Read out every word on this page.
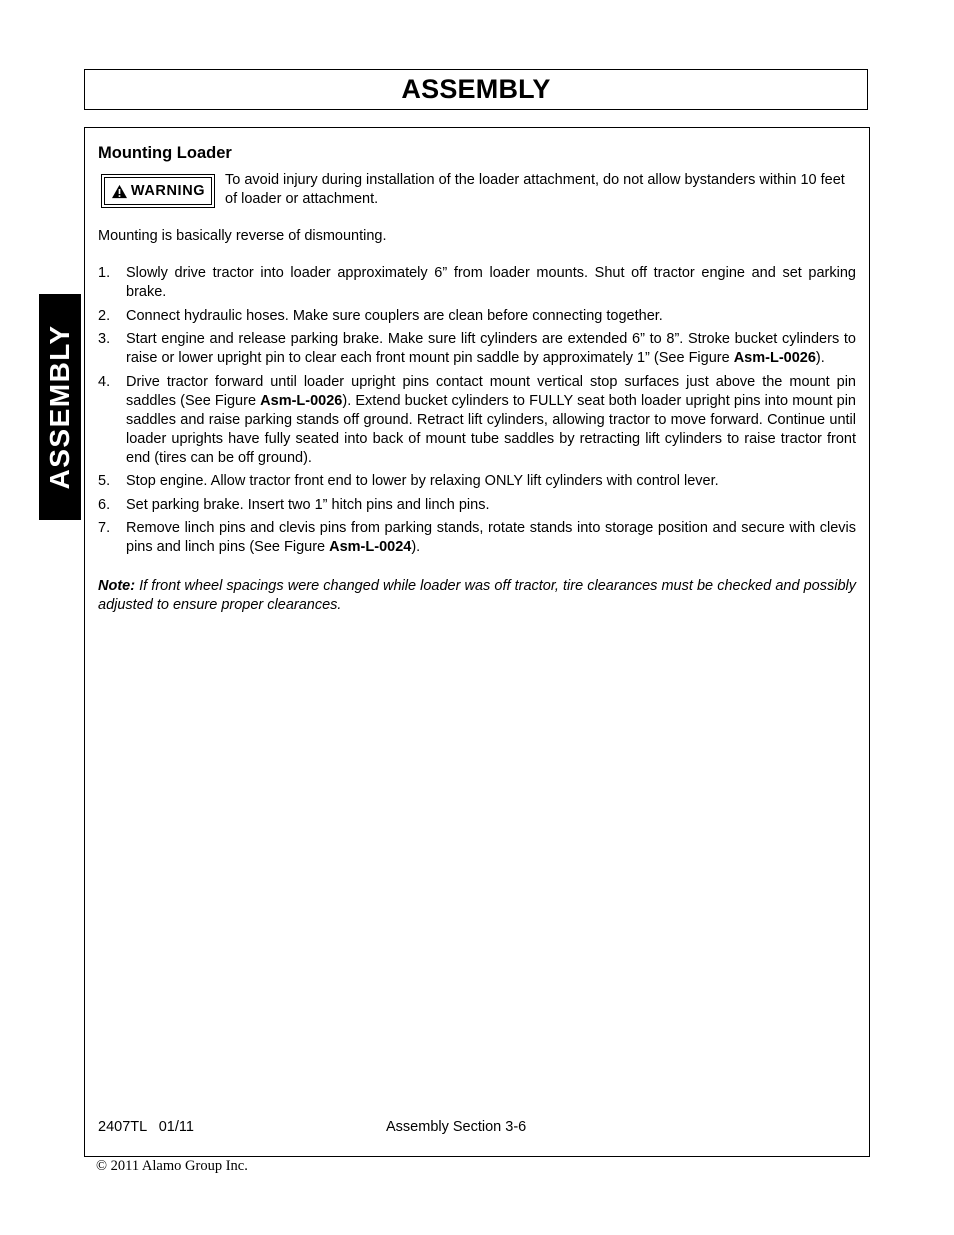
ASSEMBLY
ASSEMBLY
Mounting Loader
WARNING
To avoid injury during installation of the loader attachment, do not allow bystanders within 10 feet of loader or attachment.
Mounting is basically reverse of dismounting.
1. Slowly drive tractor into loader approximately 6” from loader mounts. Shut off tractor engine and set parking brake.
2. Connect hydraulic hoses. Make sure couplers are clean before connecting together.
3. Start engine and release parking brake. Make sure lift cylinders are extended 6” to 8”. Stroke bucket cylinders to raise or lower upright pin to clear each front mount pin saddle by approximately 1” (See Figure Asm-L-0026).
4. Drive tractor forward until loader upright pins contact mount vertical stop surfaces just above the mount pin saddles (See Figure Asm-L-0026). Extend bucket cylinders to FULLY seat both loader upright pins into mount pin saddles and raise parking stands off ground. Retract lift cylinders, allowing tractor to move forward. Continue until loader uprights have fully seated into back of mount tube saddles by retracting lift cylinders to raise tractor front end (tires can be off ground).
5. Stop engine. Allow tractor front end to lower by relaxing ONLY lift cylinders with control lever.
6. Set parking brake. Insert two 1” hitch pins and linch pins.
7. Remove linch pins and clevis pins from parking stands, rotate stands into storage position and secure with clevis pins and linch pins (See Figure Asm-L-0024).
Note: If front wheel spacings were changed while loader was off tractor, tire clearances must be checked and possibly adjusted to ensure proper clearances.
2407TL   01/11	Assembly Section 3-6
© 2011 Alamo Group Inc.
